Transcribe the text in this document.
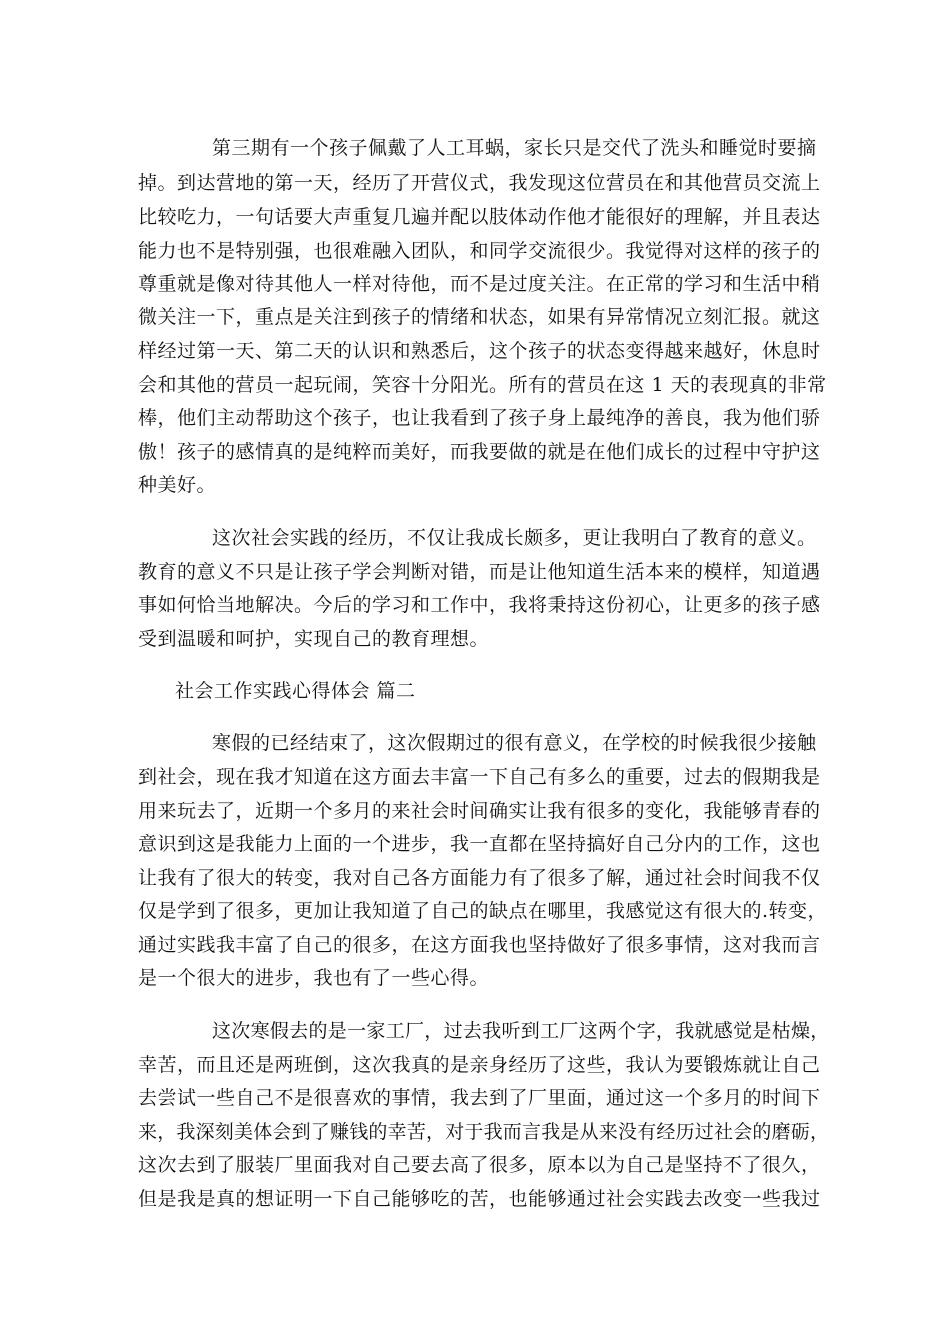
第三期有一个孩子佩戴了人工耳蜗，家长只是交代了洗头和睡觉时要摘
掉。到达营地的第一天，经历了开营仪式，我发现这位营员在和其他营员交流上
比较吃力，一句话要大声重复几遍并配以肢体动作他才能很好的理解，并且表达
能力也不是特别强，也很难融入团队，和同学交流很少。我觉得对这样的孩子的
尊重就是像对待其他人一样对待他，而不是过度关注。在正常的学习和生活中稍
微关注一下，重点是关注到孩子的情绪和状态，如果有异常情况立刻汇报。就这
样经过第一天、第二天的认识和熟悉后，这个孩子的状态变得越来越好，休息时
会和其他的营员一起玩闹，笑容十分阳光。所有的营员在这 1 天的表现真的非常
棒，他们主动帮助这个孩子，也让我看到了孩子身上最纯净的善良，我为他们骄
傲！孩子的感情真的是纯粹而美好，而我要做的就是在他们成长的过程中守护这
种美好。
这次社会实践的经历，不仅让我成长颇多，更让我明白了教育的意义。
教育的意义不只是让孩子学会判断对错，而是让他知道生活本来的模样，知道遇
事如何恰当地解决。今后的学习和工作中，我将秉持这份初心，让更多的孩子感
受到温暖和呵护，实现自己的教育理想。
社会工作实践心得体会 篇二
寒假的已经结束了，这次假期过的很有意义，在学校的时候我很少接触
到社会，现在我才知道在这方面去丰富一下自己有多么的重要，过去的假期我是
用来玩去了，近期一个多月的来社会时间确实让我有很多的变化，我能够青春的
意识到这是我能力上面的一个进步，我一直都在坚持搞好自己分内的工作，这也
让我有了很大的转变，我对自己各方面能力有了很多了解，通过社会时间我不仅
仅是学到了很多，更加让我知道了自己的缺点在哪里，我感觉这有很大的.转变，
通过实践我丰富了自己的很多，在这方面我也坚持做好了很多事情，这对我而言
是一个很大的进步，我也有了一些心得。
这次寒假去的是一家工厂，过去我听到工厂这两个字，我就感觉是枯燥，
幸苦，而且还是两班倒，这次我真的是亲身经历了这些，我认为要锻炼就让自己
去尝试一些自己不是很喜欢的事情，我去到了厂里面，通过这一个多月的时间下
来，我深刻美体会到了赚钱的幸苦，对于我而言我是从来没有经历过社会的磨砺，
这次去到了服装厂里面我对自己要去高了很多，原本以为自己是坚持不了很久，
但是我是真的想证明一下自己能够吃的苦，也能够通过社会实践去改变一些我过
